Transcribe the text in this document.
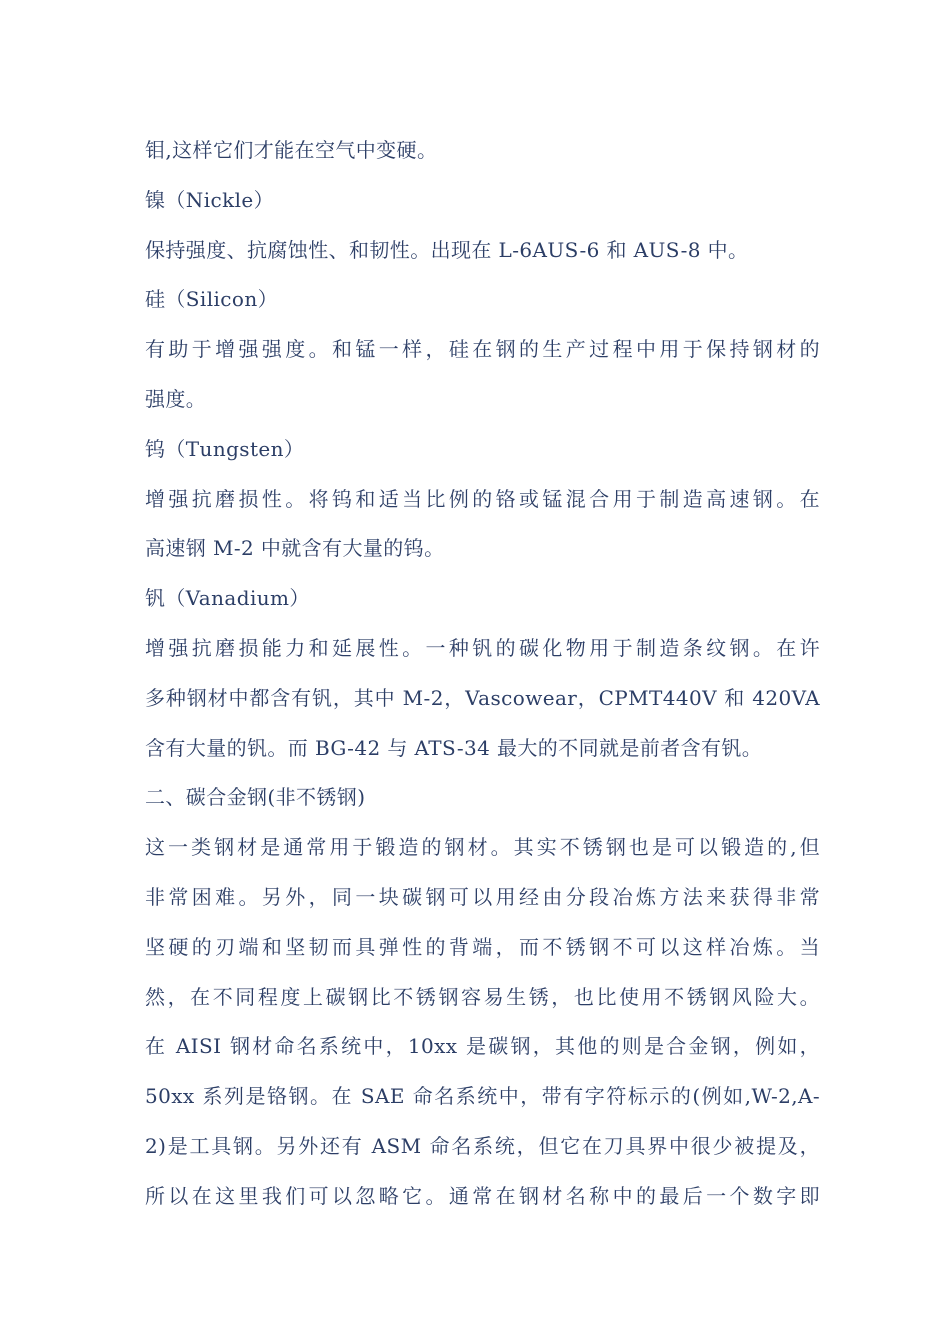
钼,这样它们才能在空气中变硬。
镍（Nickle）
保持强度、抗腐蚀性、和韧性。出现在 L-6AUS-6 和 AUS-8 中。
硅（Silicon）
有助于增强强度。和锰一样，硅在钢的生产过程中用于保持钢材的
强度。
钨（Tungsten）
增强抗磨损性。将钨和适当比例的铬或锰混合用于制造高速钢。在
高速钢 M-2 中就含有大量的钨。
钒（Vanadium）
增强抗磨损能力和延展性。一种钒的碳化物用于制造条纹钢。在许
多种钢材中都含有钒，其中 M-2，Vascowear，CPMT440V 和 420VA
含有大量的钒。而 BG-42 与 ATS-34 最大的不同就是前者含有钒。
二、碳合金钢(非不锈钢)
这一类钢材是通常用于锻造的钢材。其实不锈钢也是可以锻造的,但
非常困难。另外，同一块碳钢可以用经由分段冶炼方法来获得非常
坚硬的刃端和坚韧而具弹性的背端，而不锈钢不可以这样冶炼。当
然，在不同程度上碳钢比不锈钢容易生锈，也比使用不锈钢风险大。
在 AISI 钢材命名系统中，10xx 是碳钢，其他的则是合金钢，例如，
50xx 系列是铬钢。在 SAE 命名系统中，带有字符标示的(例如,W-2,A-
2)是工具钢。另外还有 ASM 命名系统，但它在刀具界中很少被提及，
所以在这里我们可以忽略它。通常在钢材名称中的最后一个数字即
